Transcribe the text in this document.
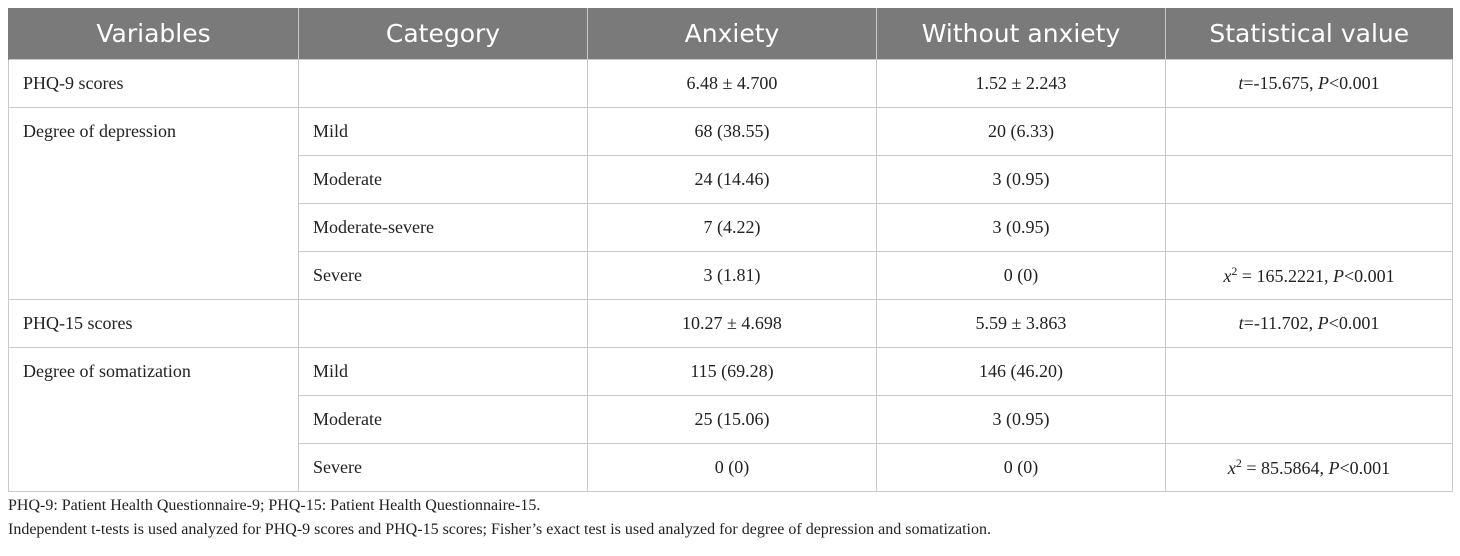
Variables	Category	Anxiety	Without anxiety	Statistical value
PHQ-9 scores		6.48 ± 4.700	1.52 ± 2.243	t=-15.675, P<0.001
Degree of depression	Mild	68 (38.55)	20 (6.33)	
	Moderate	24 (14.46)	3 (0.95)	
	Moderate-severe	7 (4.22)	3 (0.95)	
	Severe	3 (1.81)	0 (0)	$x^2 = 165.2221$, P<0.001
PHQ-15 scores		10.27 ± 4.698	5.59 ± 3.863	t=-11.702, P<0.001
Degree of somatization	Mild	115 (69.28)	146 (46.20)	
	Moderate	25 (15.06)	3 (0.95)	
	Severe	0 (0)	0 (0)	$x^2 = 85.5864$, P<0.001
PHQ-9: Patient Health Questionnaire-9; PHQ-15: Patient Health Questionnaire-15.
Independent t-tests is used analyzed for PHQ-9 scores and PHQ-15 scores; Fisher’s exact test is used analyzed for degree of depression and somatization.
